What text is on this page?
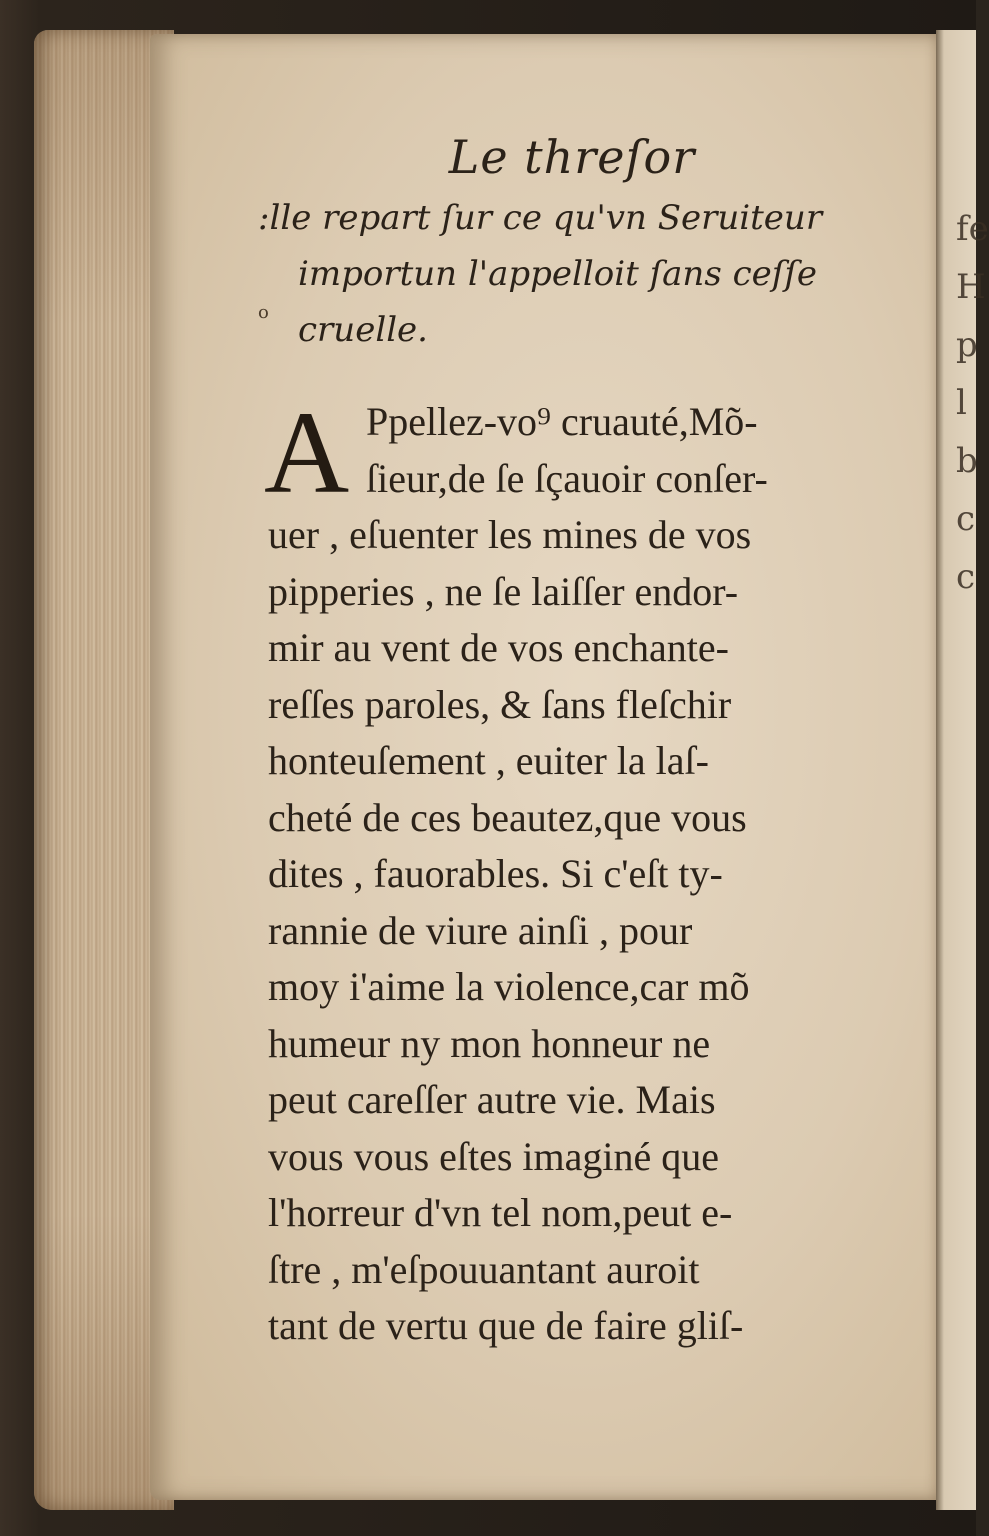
fe
H
p
l
b
c
c
o
Le threſor
:lle repart ſur ce qu'vn Seruiteur
importun l'appelloit ſans ceſſe
cruelle.
A Ppellez-vo⁹ cruauté,Mõ-
ſieur,de ſe ſçauoir conſer-
uer , eſuenter les mines de vos
pipperies , ne ſe laiſſer endor-
mir au vent de vos enchante-
reſſes paroles, & ſans fleſchir
honteuſement , euiter la laſ-
cheté de ces beautez,que vous
dites , fauorables. Si c'eſt ty-
rannie de viure ainſi , pour
moy i'aime la violence,car mõ
humeur ny mon honneur ne
peut careſſer autre vie. Mais
vous vous eſtes imaginé que
l'horreur d'vn tel nom,peut e-
ſtre , m'eſpouuantant auroit
tant de vertu que de faire gliſ-
